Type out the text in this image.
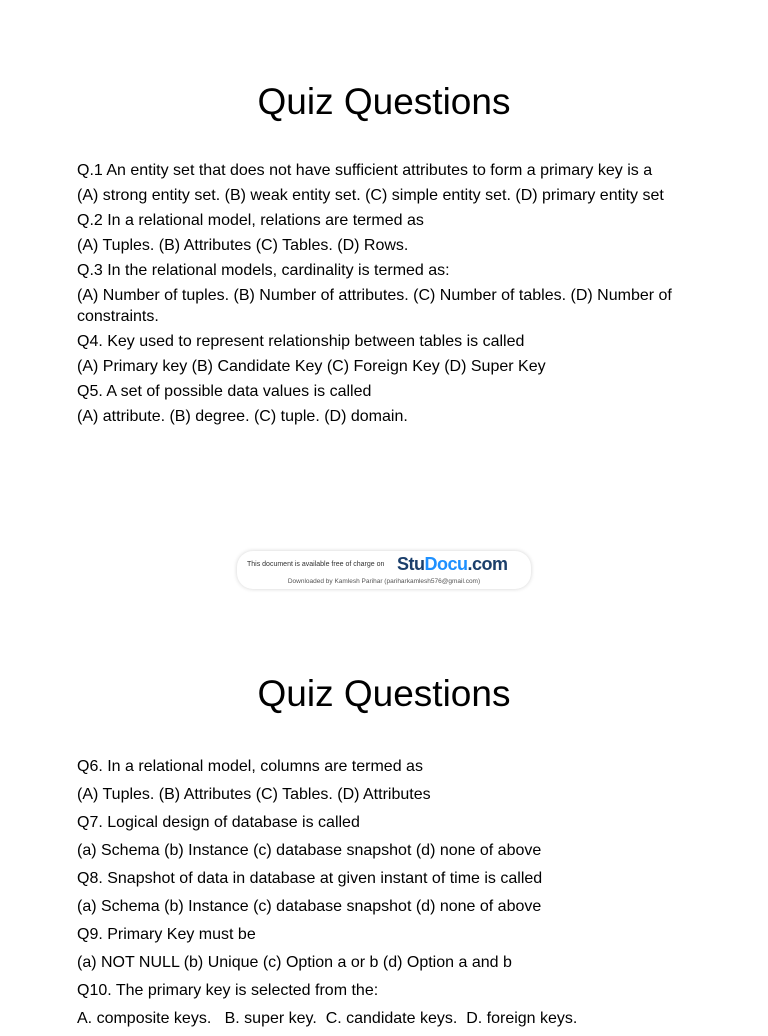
Quiz Questions
Q.1 An entity set that does not have sufficient attributes to form a primary key is a
(A) strong entity set. (B) weak entity set. (C) simple entity set. (D) primary entity set
Q.2 In a relational model, relations are termed as
(A) Tuples. (B) Attributes (C) Tables. (D) Rows.
Q.3 In the relational models, cardinality is termed as:
(A) Number of tuples. (B) Number of attributes. (C) Number of tables. (D) Number of constraints.
Q4. Key used to represent relationship between tables is called
(A) Primary key (B) Candidate Key (C) Foreign Key (D) Super Key
Q5. A set of possible data values is called
(A) attribute. (B) degree. (C) tuple. (D) domain.
This document is available free of charge on StuDocu.com
Downloaded by Kamlesh Parihar (pariharkamlesh576@gmail.com)
Quiz Questions
Q6. In a relational model, columns are termed as
(A) Tuples. (B) Attributes (C) Tables. (D) Attributes
Q7. Logical design of database is called
(a) Schema (b) Instance (c) database snapshot (d) none of above
Q8. Snapshot of data in database at given instant of time is called
(a) Schema (b) Instance (c) database snapshot (d) none of above
Q9. Primary Key must be
(a) NOT NULL (b) Unique (c) Option a or b (d) Option a and b
Q10. The primary key is selected from the:
A. composite keys.   B. super key.  C. candidate keys.  D. foreign keys.
